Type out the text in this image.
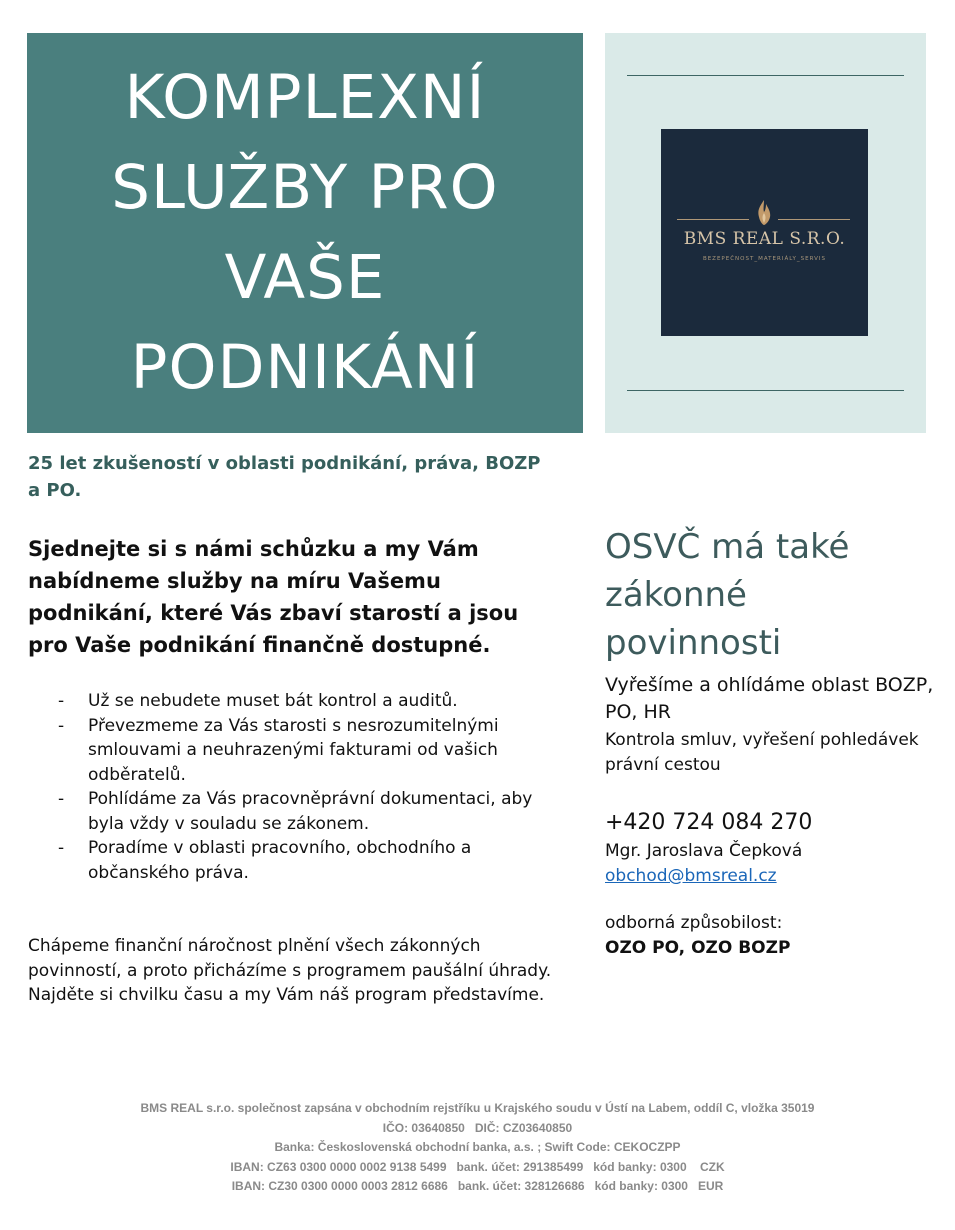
KOMPLEXNÍ
SLUŽBY PRO
VAŠE
PODNIKÁNÍ
BMS REAL S.R.O.
BEZEPEČNOST_MATERIÁLY_SERVIS
25 let zkušeností v oblasti podnikání, práva, BOZP a PO.
Sjednejte si s námi schůzku a my Vám nabídneme služby na míru Vašemu podnikání, které Vás zbaví starostí a jsou pro Vaše podnikání finančně dostupné.
- Už se nebudete muset bát kontrol a auditů.
- Převezmeme za Vás starosti s nesrozumitelnými smlouvami a neuhrazenými fakturami od vašich odběratelů.
- Pohlídáme za Vás pracovněprávní dokumentaci, aby byla vždy v souladu se zákonem.
- Poradíme v oblasti pracovního, obchodního a občanského práva.
Chápeme finanční náročnost plnění všech zákonných povinností, a proto přicházíme s programem paušální úhrady. Najděte si chvilku času a my Vám náš program představíme.
OSVČ má také zákonné povinnosti
Vyřešíme a ohlídáme oblast BOZP, PO, HR
Kontrola smluv, vyřešení pohledávek právní cestou
+420 724 084 270
Mgr. Jaroslava Čepková
obchod@bmsreal.cz
odborná způsobilost:
OZO PO, OZO BOZP
BMS REAL s.r.o. společnost zapsána v obchodním rejstříku u Krajského soudu v Ústí na Labem, oddíl C, vložka 35019
IČO: 03640850   DIČ: CZ03640850
Banka: Československá obchodní banka, a.s. ; Swift Code: CEKOCZPP
IBAN: CZ63 0300 0000 0002 9138 5499   bank. účet: 291385499   kód banky: 0300    CZK
IBAN: CZ30 0300 0000 0003 2812 6686   bank. účet: 328126686   kód banky: 0300   EUR
